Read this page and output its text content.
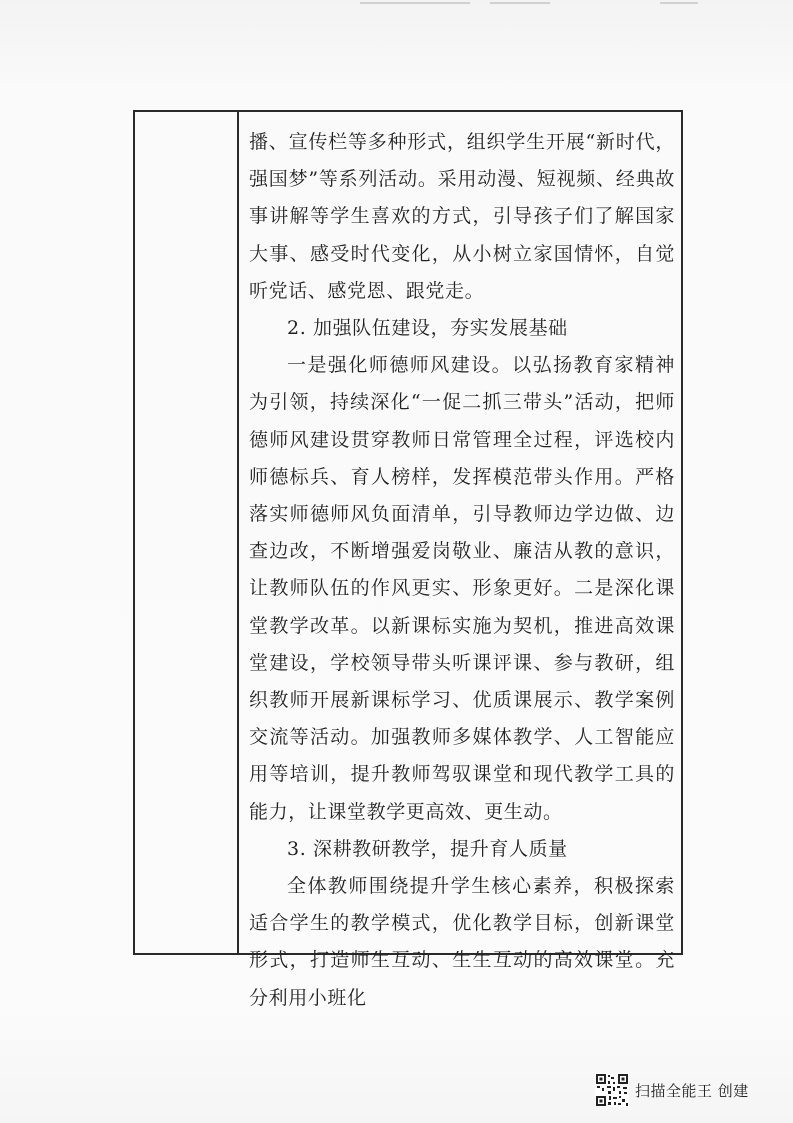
播、宣传栏等多种形式，组织学生开展“新时代，强国梦”等系列活动。采用动漫、短视频、经典故事讲解等学生喜欢的方式，引导孩子们了解国家大事、感受时代变化，从小树立家国情怀，自觉听党话、感党恩、跟党走。

2. 加强队伍建设，夯实发展基础

一是强化师德师风建设。以弘扬教育家精神为引领，持续深化“一促二抓三带头”活动，把师德师风建设贯穿教师日常管理全过程，评选校内师德标兵、育人榜样，发挥模范带头作用。严格落实师德师风负面清单，引导教师边学边做、边查边改，不断增强爱岗敬业、廉洁从教的意识，让教师队伍的作风更实、形象更好。二是深化课堂教学改革。以新课标实施为契机，推进高效课堂建设，学校领导带头听课评课、参与教研，组织教师开展新课标学习、优质课展示、教学案例交流等活动。加强教师多媒体教学、人工智能应用等培训，提升教师驾驭课堂和现代教学工具的能力，让课堂教学更高效、更生动。

3. 深耕教研教学，提升育人质量

全体教师围绕提升学生核心素养，积极探索适合学生的教学模式，优化教学目标，创新课堂形式，打造师生互动、生生互动的高效课堂。充分利用小班化

扫描全能王 创建
